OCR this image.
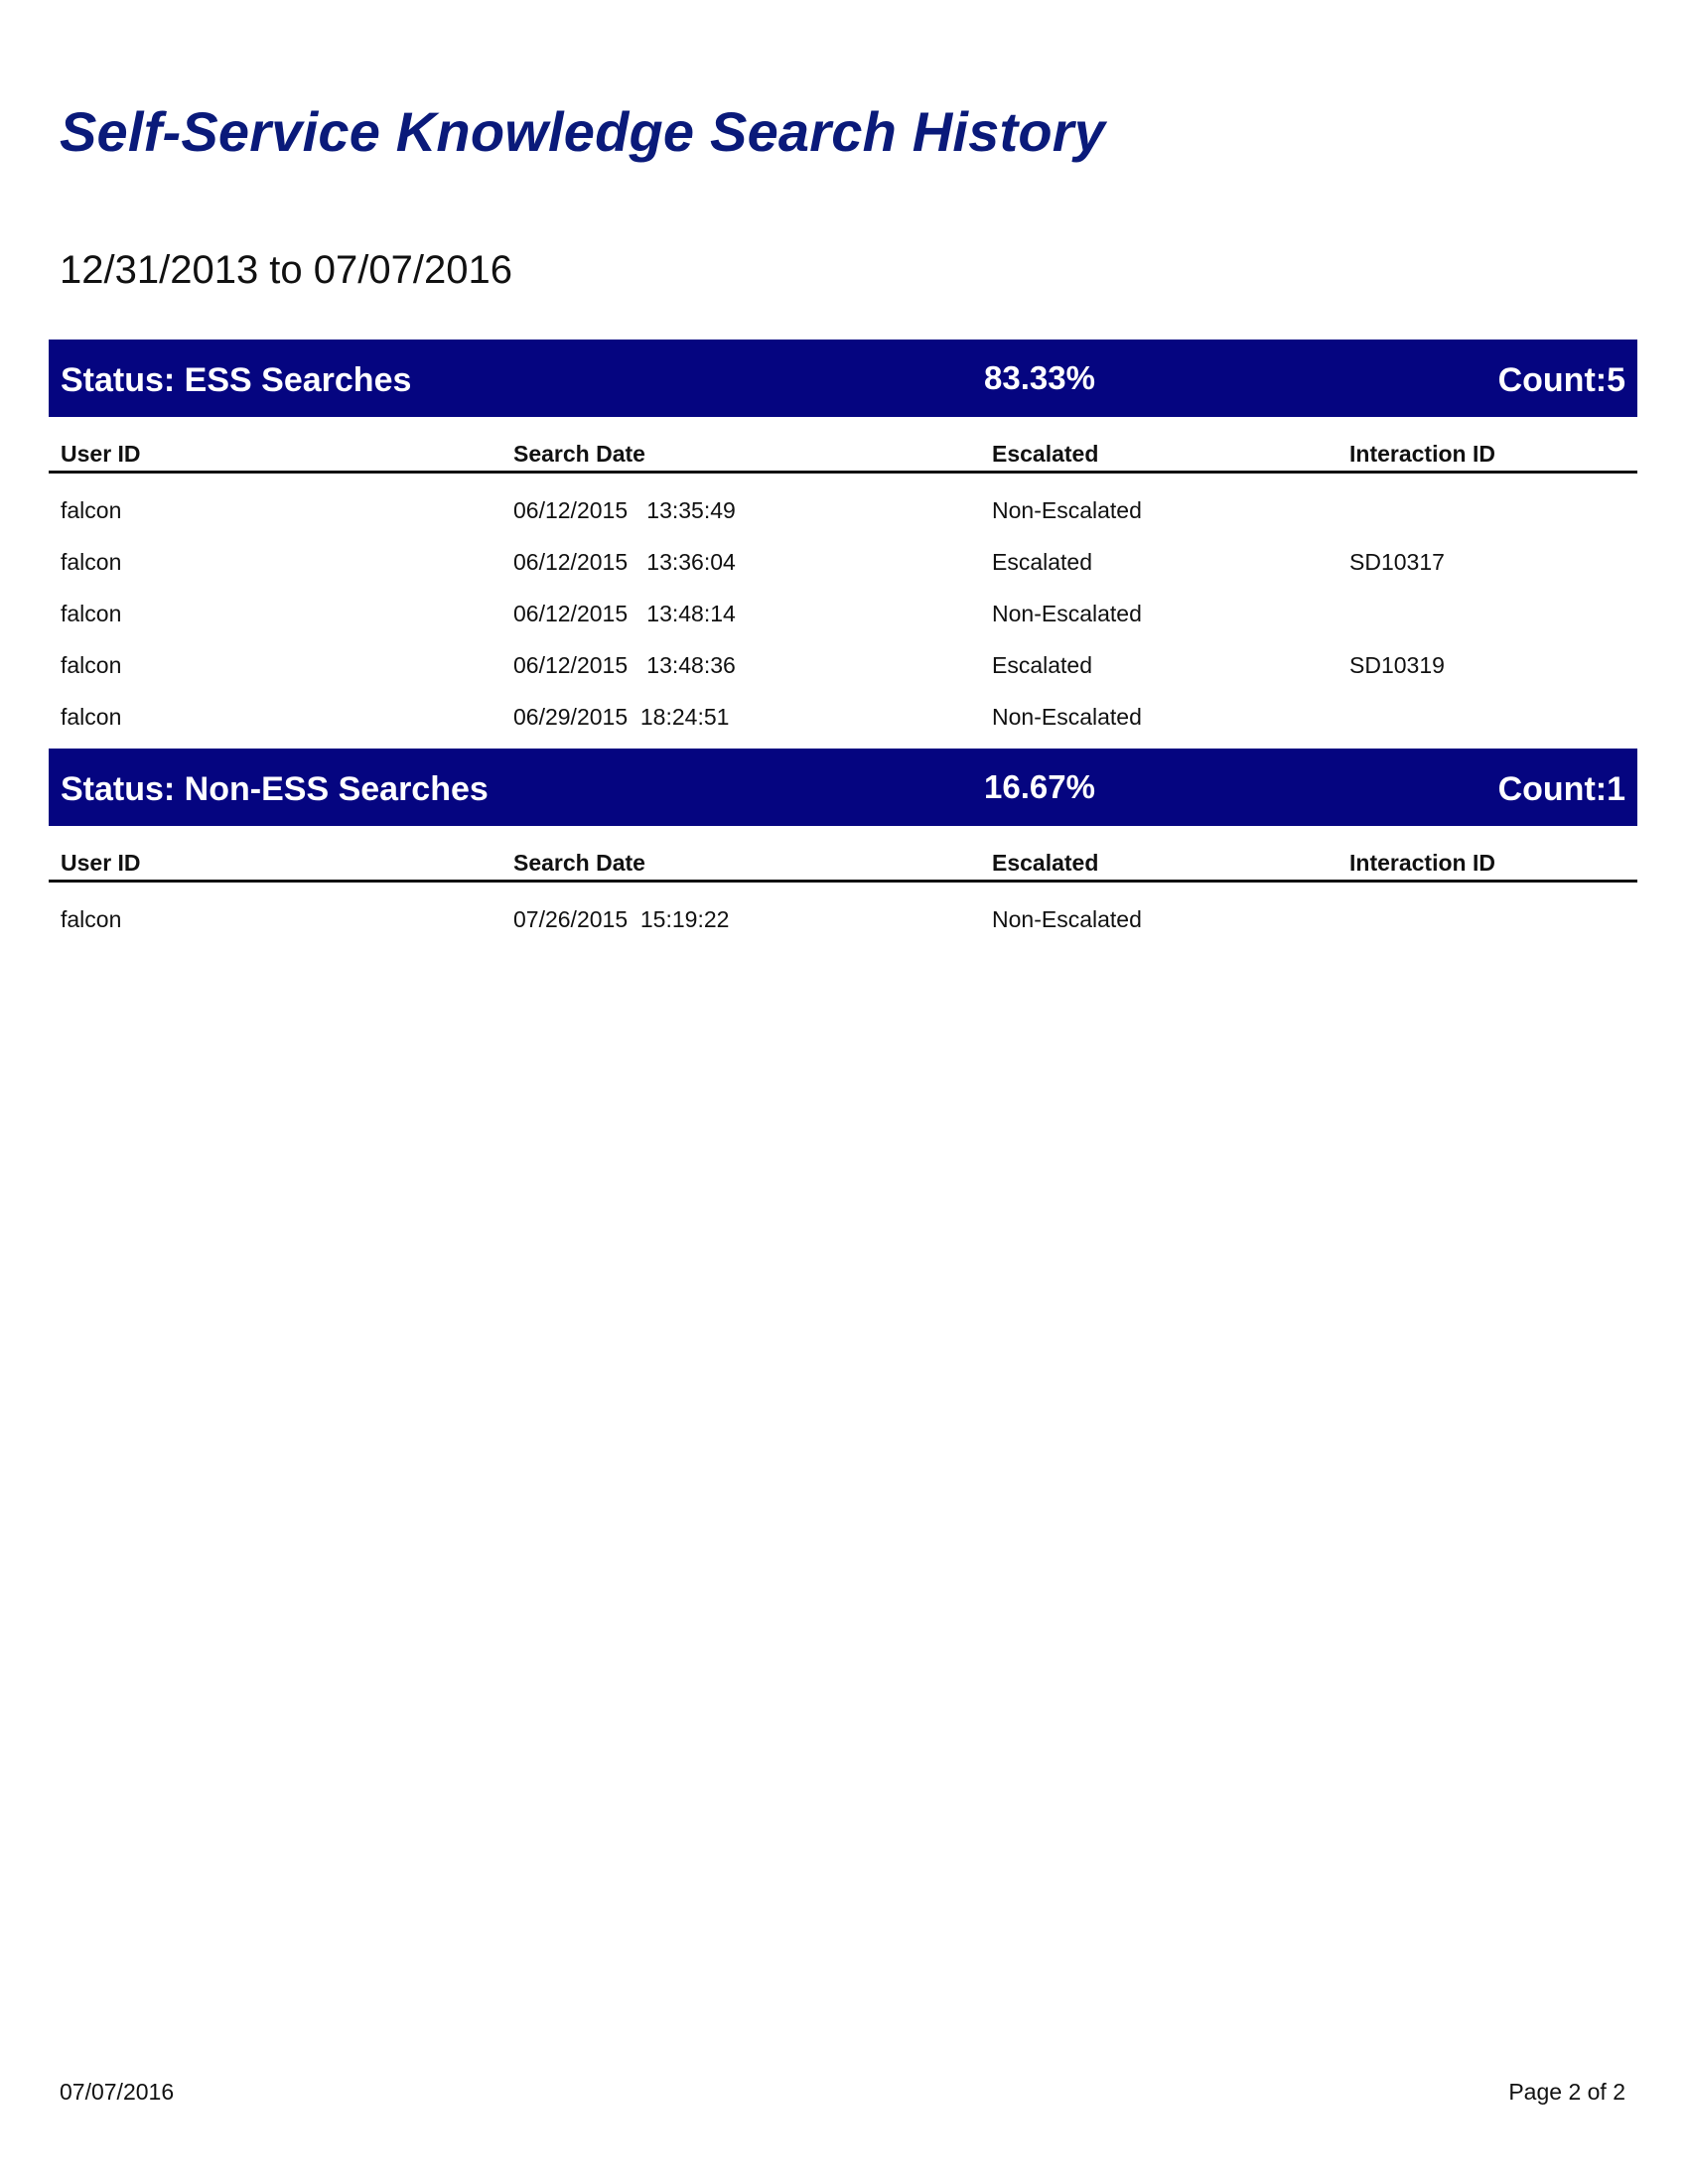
Self-Service Knowledge Search History
12/31/2013 to 07/07/2016
Status: ESS Searches	83.33%	Count:5
User ID	Search Date	Escalated	Interaction ID
falcon	06/12/2015   13:35:49	Non-Escalated
falcon	06/12/2015   13:36:04	Escalated	SD10317
falcon	06/12/2015   13:48:14	Non-Escalated
falcon	06/12/2015   13:48:36	Escalated	SD10319
falcon	06/29/2015  18:24:51	Non-Escalated
Status: Non-ESS Searches	16.67%	Count:1
User ID	Search Date	Escalated	Interaction ID
falcon	07/26/2015  15:19:22	Non-Escalated
07/07/2016	Page 2 of 2
